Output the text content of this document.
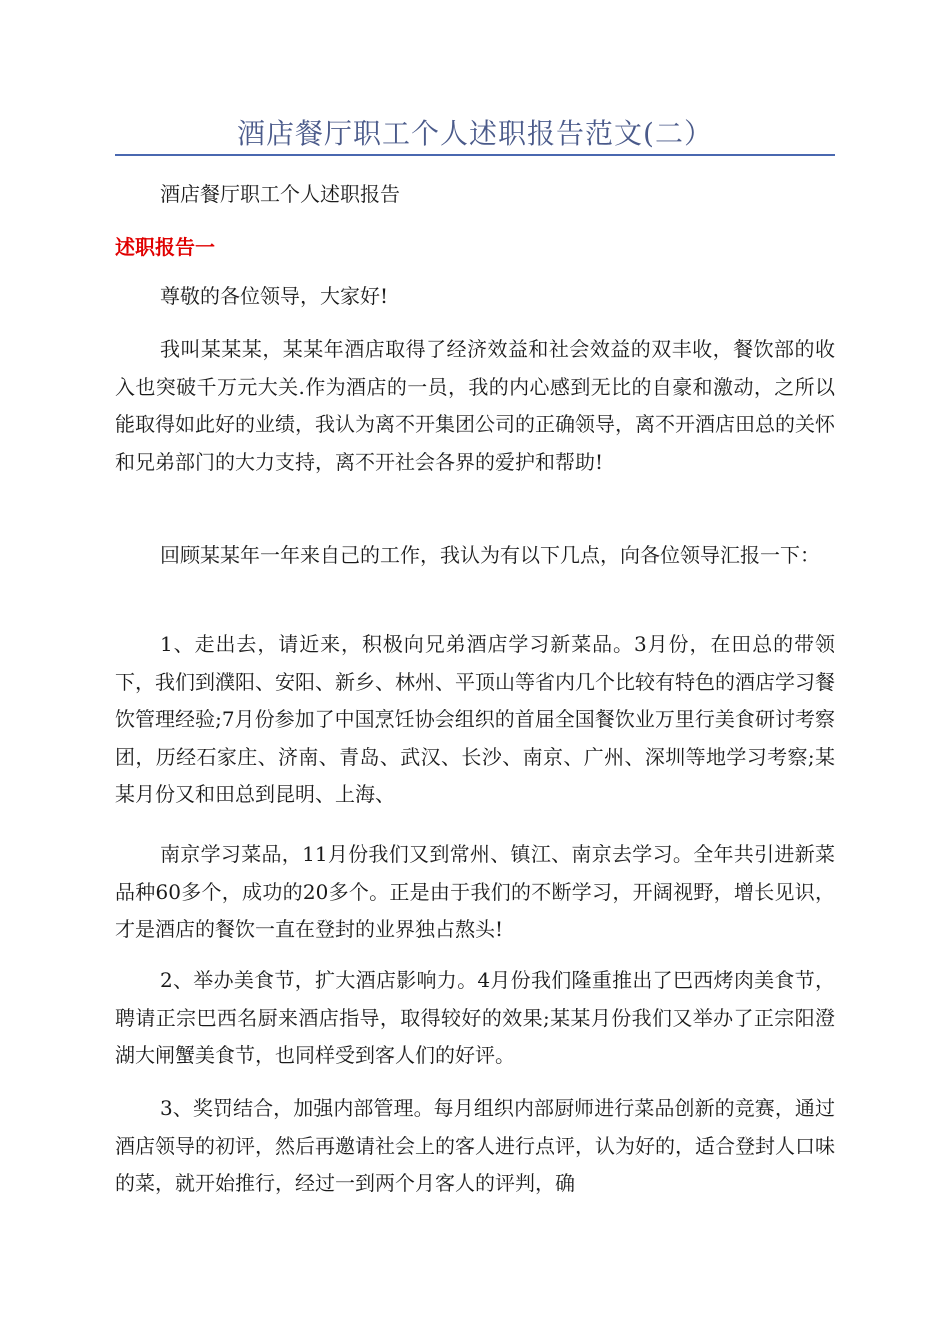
酒店餐厅职工个人述职报告范文(二）
酒店餐厅职工个人述职报告
述职报告一

尊敬的各位领导，大家好!

我叫某某某，某某年酒店取得了经济效益和社会效益的双丰收，餐饮部的收入也突破千万元大关.作为酒店的一员，我的内心感到无比的自豪和激动，之所以能取得如此好的业绩，我认为离不开集团公司的正确领导，离不开酒店田总的关怀和兄弟部门的大力支持，离不开社会各界的爱护和帮助!

回顾某某年一年来自己的工作，我认为有以下几点，向各位领导汇报一下：

1、走出去，请近来，积极向兄弟酒店学习新菜品。3月份，在田总的带领下，我们到濮阳、安阳、新乡、林州、平顶山等省内几个比较有特色的酒店学习餐饮管理经验;7月份参加了中国烹饪协会组织的首届全国餐饮业万里行美食研讨考察团，历经石家庄、济南、青岛、武汉、长沙、南京、广州、深圳等地学习考察;某某月份又和田总到昆明、上海、

南京学习菜品，11月份我们又到常州、镇江、南京去学习。全年共引进新菜品种60多个，成功的20多个。正是由于我们的不断学习，开阔视野，增长见识，才是酒店的餐饮一直在登封的业界独占熬头!

2、举办美食节，扩大酒店影响力。4月份我们隆重推出了巴西烤肉美食节，聘请正宗巴西名厨来酒店指导，取得较好的效果;某某月份我们又举办了正宗阳澄湖大闸蟹美食节，也同样受到客人们的好评。

3、奖罚结合，加强内部管理。每月组织内部厨师进行菜品创新的竞赛，通过酒店领导的初评，然后再邀请社会上的客人进行点评，认为好的，适合登封人口味的菜，就开始推行，经过一到两个月客人的评判，确
